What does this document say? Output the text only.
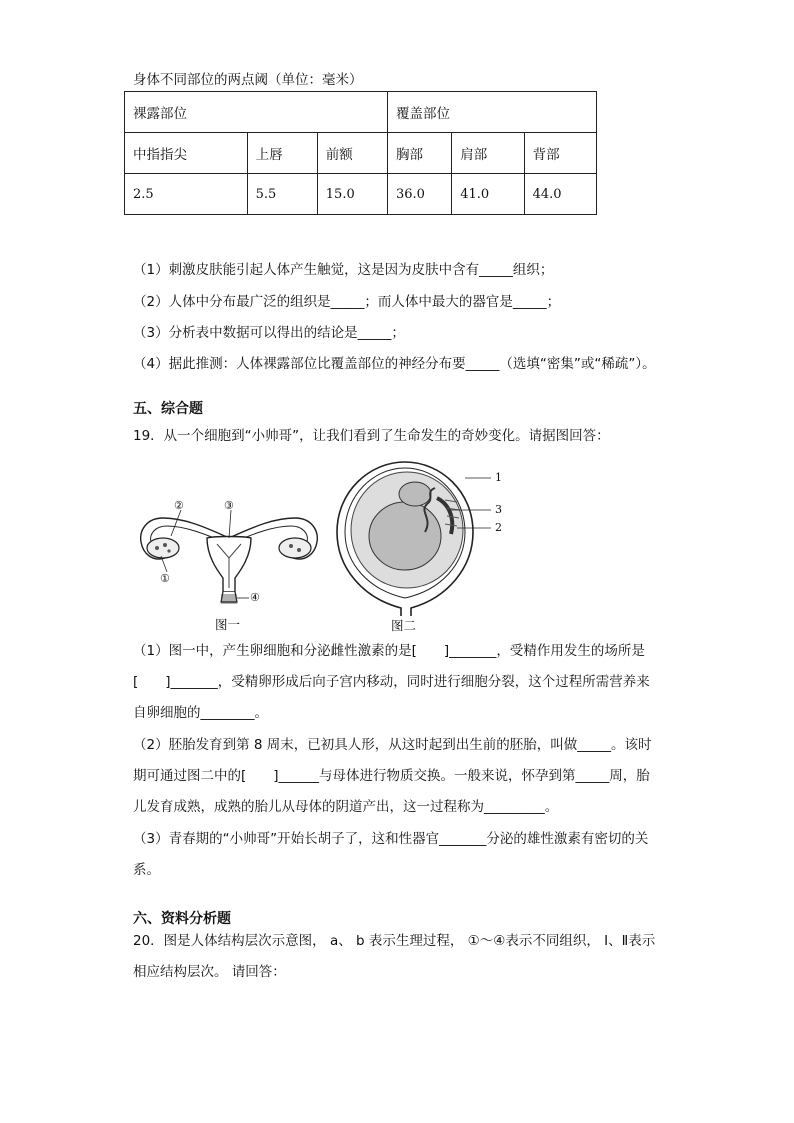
身体不同部位的两点阈（单位：毫米）
裸露部位			覆盖部位		
中指指尖	上唇	前额	胸部	肩部	背部
2.5	5.5	15.0	36.0	41.0	44.0
（1）刺激皮肤能引起人体产生触觉，这是因为皮肤中含有_____组织；
（2）人体中分布最广泛的组织是_____；而人体中最大的器官是_____；
（3）分析表中数据可以得出的结论是_____；
（4）据此推测：人体裸露部位比覆盖部位的神经分布要_____（选填“密集”或“稀疏”）。
五、综合题
19．从一个细胞到“小帅哥”，让我们看到了生命发生的奇妙变化。请据图回答：
②	③
①
④
图一
1
3
2
图二
（1）图一中，产生卵细胞和分泌雌性激素的是[　　]_______，受精作用发生的场所是[　　]_______，受精卵形成后向子宫内移动，同时进行细胞分裂，这个过程所需营养来自卵细胞的________。
（2）胚胎发育到第 8 周末，已初具人形，从这时起到出生前的胚胎，叫做_____。该时期可通过图二中的[　　]______与母体进行物质交换。一般来说，怀孕到第_____周，胎儿发育成熟，成熟的胎儿从母体的阴道产出，这一过程称为_________。
（3）青春期的“小帅哥”开始长胡子了，这和性器官_______分泌的雄性激素有密切的关系。
六、资料分析题
20．图是人体结构层次示意图， a、 b 表示生理过程， ①～④表示不同组织， Ⅰ、Ⅱ表示相应结构层次。 请回答：
